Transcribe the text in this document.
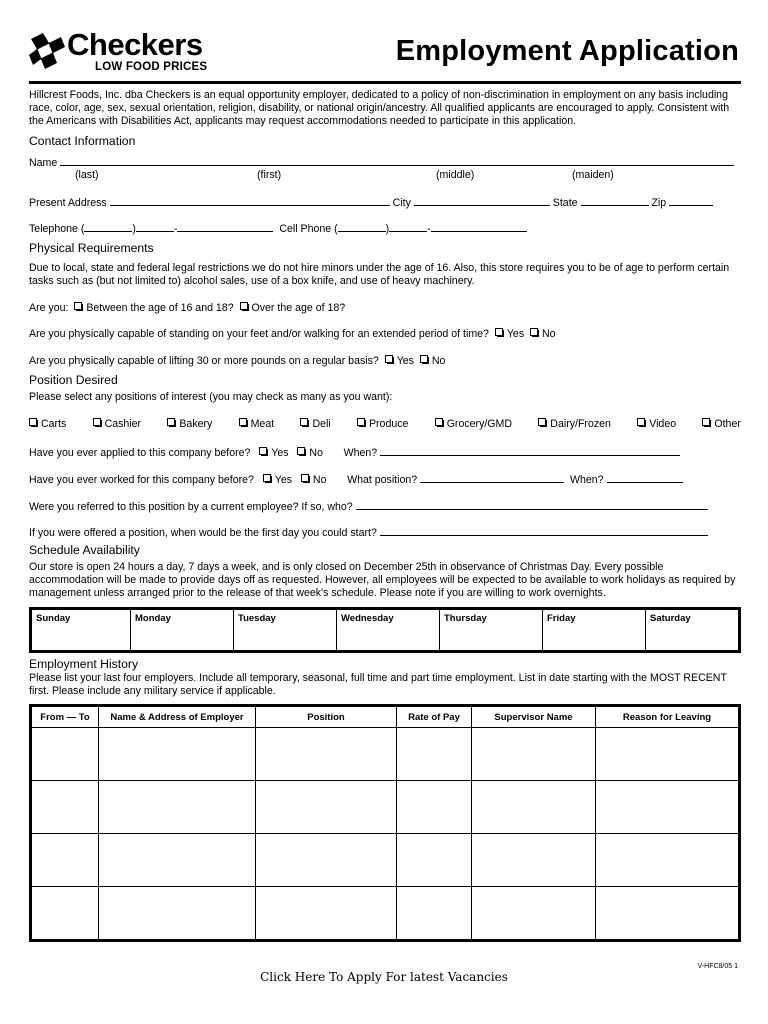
Checkers
LOW FOOD PRICES	Employment Application
Hillcrest Foods, Inc. dba Checkers is an equal opportunity employer, dedicated to a policy of non-discrimination in employment on any basis including race, color, age, sex, sexual orientation, religion, disability, or national origin/ancestry. All qualified applicants are encouraged to apply. Consistent with the Americans with Disabilities Act, applicants may request accommodations needed to participate in this application.
Contact Information
Name
(last)	(first)	(middle)	(maiden)
Present Address	City	State	Zip
Telephone (	)	-	Cell Phone (	)	-
Physical Requirements
Due to local, state and federal legal restrictions we do not hire minors under the age of 16. Also, this store requires you to be of age to perform certain tasks such as (but not limited to) alcohol sales, use of a box knife, and use of heavy machinery.
Are you: Between the age of 16 and 18? Over the age of 18?
Are you physically capable of standing on your feet and/or walking for an extended period of time? Yes No
Are you physically capable of lifting 30 or more pounds on a regular basis? Yes No
Position Desired
Please select any positions of interest (you may check as many as you want):
Carts	Cashier	Bakery	Meat	Deli	Produce	Grocery/GMD	Dairy/Frozen	Video	Other
Have you ever applied to this company before? Yes No When?
Have you ever worked for this company before? Yes No What position?	When?
Were you referred to this position by a current employee? If so, who?
If you were offered a position, when would be the first day you could start?
Schedule Availability
Our store is open 24 hours a day, 7 days a week, and is only closed on December 25th in observance of Christmas Day. Every possible accommodation will be made to provide days off as requested. However, all employees will be expected to be available to work holidays as required by management unless arranged prior to the release of that week's schedule. Please note if you are willing to work overnights.
Sunday	Monday	Tuesday	Wednesday	Thursday	Friday	Saturday
Employment History
Please list your last four employers. Include all temporary, seasonal, full time and part time employment. List in date starting with the MOST RECENT first. Please include any military service if applicable.
From — To	Name & Address of Employer	Position	Rate of Pay	Supervisor Name	Reason for Leaving

V-HFC8/05 1
Click Here To Apply For latest Vacancies
